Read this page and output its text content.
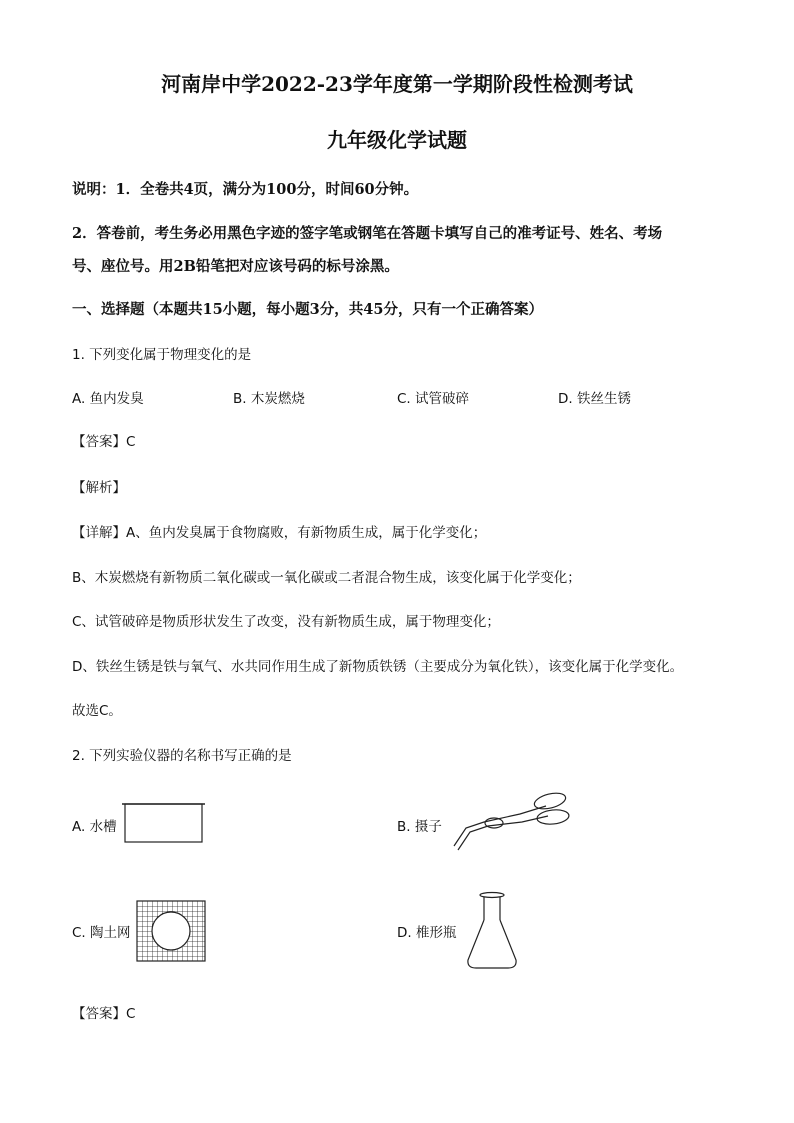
河南岸中学2022-23学年度第一学期阶段性检测考试
九年级化学试题
说明：1．全卷共4页，满分为100分，时间60分钟。
2．答卷前，考生务必用黑色字迹的签字笔或钢笔在答题卡填写自己的准考证号、姓名、考场
号、座位号。用2B铅笔把对应该号码的标号涂黑。
一、选择题（本题共15小题，每小题3分，共45分，只有一个正确答案）
1. 下列变化属于物理变化的是
A. 鱼内发臭	B. 木炭燃烧	C. 试管破碎	D. 铁丝生锈
【答案】C
【解析】
【详解】A、鱼内发臭属于食物腐败，有新物质生成，属于化学变化；
B、木炭燃烧有新物质二氧化碳或一氧化碳或二者混合物生成，该变化属于化学变化；
C、试管破碎是物质形状发生了改变，没有新物质生成，属于物理变化；
D、铁丝生锈是铁与氧气、水共同作用生成了新物质铁锈（主要成分为氧化铁），该变化属于化学变化。
故选C。
2. 下列实验仪器的名称书写正确的是
A. 水槽	B. 摄子
C. 陶土网	D. 椎形瓶
【答案】C
